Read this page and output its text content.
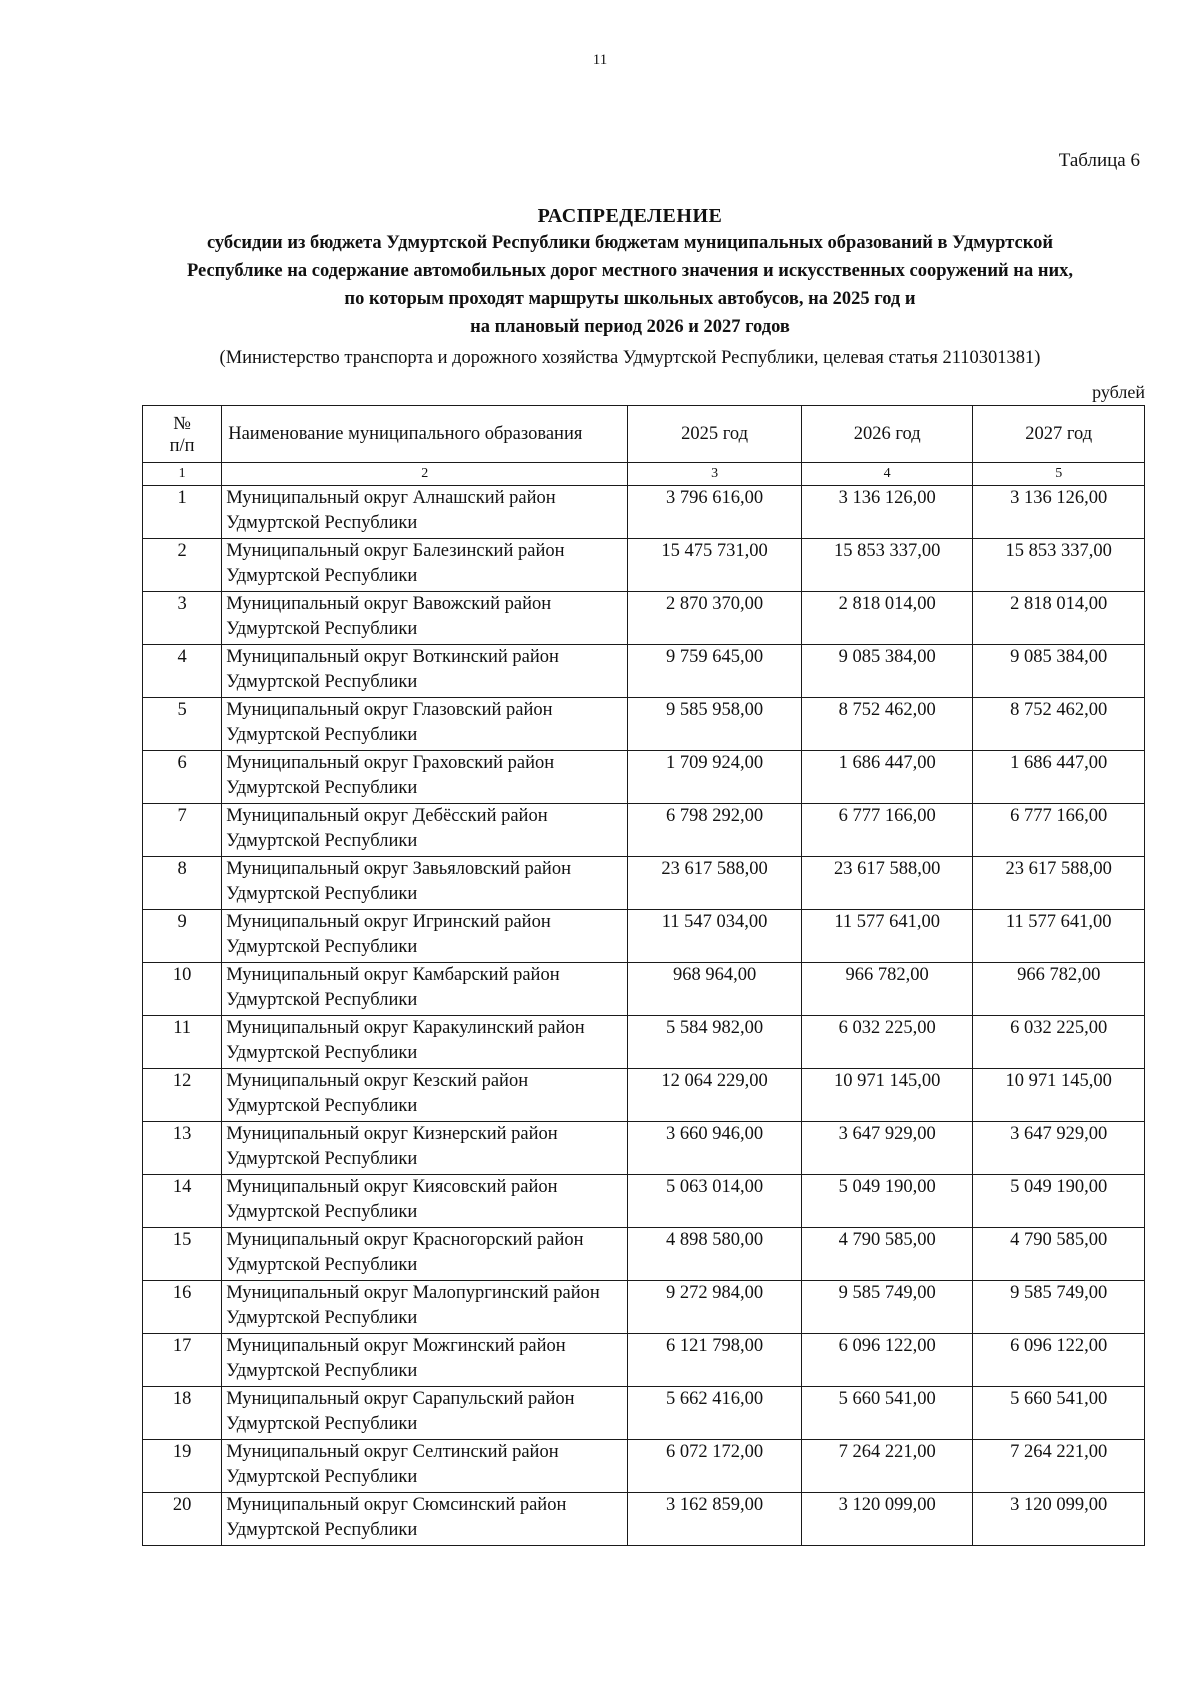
11
Таблица 6
РАСПРЕДЕЛЕНИЕ
субсидии из бюджета Удмуртской Республики бюджетам муниципальных образований в Удмуртской
Республике на содержание автомобильных дорог местного значения и искусственных сооружений на них,
по которым проходят маршруты школьных автобусов, на 2025 год и
на плановый период 2026 и 2027 годов
(Министерство транспорта и дорожного хозяйства Удмуртской Республики, целевая статья 2110301381)
рублей
№
п/п	Наименование муниципального образования	2025 год	2026 год	2027 год
1	2	3	4	5
1	Муниципальный округ Алнашский район Удмуртской Республики	3 796 616,00	3 136 126,00	3 136 126,00
2	Муниципальный округ Балезинский район Удмуртской Республики	15 475 731,00	15 853 337,00	15 853 337,00
3	Муниципальный округ Вавожский район Удмуртской Республики	2 870 370,00	2 818 014,00	2 818 014,00
4	Муниципальный округ Воткинский район Удмуртской Республики	9 759 645,00	9 085 384,00	9 085 384,00
5	Муниципальный округ Глазовский район Удмуртской Республики	9 585 958,00	8 752 462,00	8 752 462,00
6	Муниципальный округ Граховский район Удмуртской Республики	1 709 924,00	1 686 447,00	1 686 447,00
7	Муниципальный округ Дебёсский район Удмуртской Республики	6 798 292,00	6 777 166,00	6 777 166,00
8	Муниципальный округ Завьяловский район Удмуртской Республики	23 617 588,00	23 617 588,00	23 617 588,00
9	Муниципальный округ Игринский район Удмуртской Республики	11 547 034,00	11 577 641,00	11 577 641,00
10	Муниципальный округ Камбарский район Удмуртской Республики	968 964,00	966 782,00	966 782,00
11	Муниципальный округ Каракулинский район Удмуртской Республики	5 584 982,00	6 032 225,00	6 032 225,00
12	Муниципальный округ Кезский район Удмуртской Республики	12 064 229,00	10 971 145,00	10 971 145,00
13	Муниципальный округ Кизнерский район Удмуртской Республики	3 660 946,00	3 647 929,00	3 647 929,00
14	Муниципальный округ Киясовский район Удмуртской Республики	5 063 014,00	5 049 190,00	5 049 190,00
15	Муниципальный округ Красногорский район Удмуртской Республики	4 898 580,00	4 790 585,00	4 790 585,00
16	Муниципальный округ Малопургинский район Удмуртской Республики	9 272 984,00	9 585 749,00	9 585 749,00
17	Муниципальный округ Можгинский район Удмуртской Республики	6 121 798,00	6 096 122,00	6 096 122,00
18	Муниципальный округ Сарапульский район Удмуртской Республики	5 662 416,00	5 660 541,00	5 660 541,00
19	Муниципальный округ Селтинский район Удмуртской Республики	6 072 172,00	7 264 221,00	7 264 221,00
20	Муниципальный округ Сюмсинский район Удмуртской Республики	3 162 859,00	3 120 099,00	3 120 099,00
